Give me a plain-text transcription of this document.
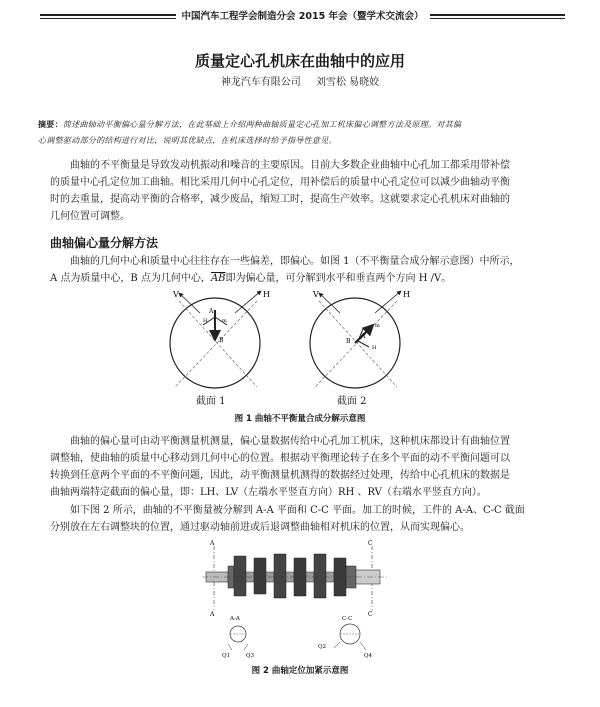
中国汽车工程学会制造分会 2015 年会（暨学术交流会）
质量定心孔机床在曲轴中的应用
神龙汽车有限公司 刘雪松 易晓姣
摘要：简述曲轴动平衡偏心量分解方法，在此基础上介绍两种曲轴质量定心孔加工机床偏心调整方法及原理。对其偏
心调整驱动部分的结构进行对比，说明其优缺点，在机床选择时给予指导性意见。
曲轴的不平衡量是导致发动机振动和噪音的主要原因。目前大多数企业曲轴中心孔加工都采用带补偿
的质量中心孔定位加工曲轴。相比采用几何中心孔定位，用补偿后的质量中心孔定位可以减少曲轴动平衡
时的去重量，提高动平衡的合格率，减少废品，缩短工时，提高生产效率。这就要求定心孔机床对曲轴的
几何位置可调整。
曲轴偏心量分解方法
曲轴的几何中心和质量中心往往存在一些偏差，即偏心。如图 1（不平衡量合成分解示意图）中所示，
A 点为质量中心，B 点为几何中心，$\overline{AB}$即为偏心量，可分解到水平和垂直两个方向 H /V。
V	H
A
H	m
B
V	H
m
H
B
A
截面 1	截面 2
图 1 曲轴不平衡量合成分解示意图
曲轴的偏心量可由动平衡测量机测量，偏心量数据传给中心孔加工机床，这种机床都设计有曲轴位置
调整轴，使曲轴的质量中心移动到几何中心的位置。根据动平衡理论转子在多个平面的动不平衡问题可以
转换到任意两个平面的不平衡问题，因此，动平衡测量机测得的数据经过处理，传给中心孔机床的数据是
曲轴两端特定截面的偏心量，即：LH、LV（左端水平竖直方向）RH 、RV（右端水平竖直方向）。
如下图 2 所示，曲轴的不平衡量被分解到 A-A 平面和 C-C 平面。加工的时候，工件的 A-A、C-C 截面
分别放在左右调整块的位置，通过驱动轴前进或后退调整曲轴相对机床的位置，从而实现偏心。
A
A
C
C
A-A
Q1	Q3
C-C
Q2
Q4
图 2 曲轴定位加紧示意图
